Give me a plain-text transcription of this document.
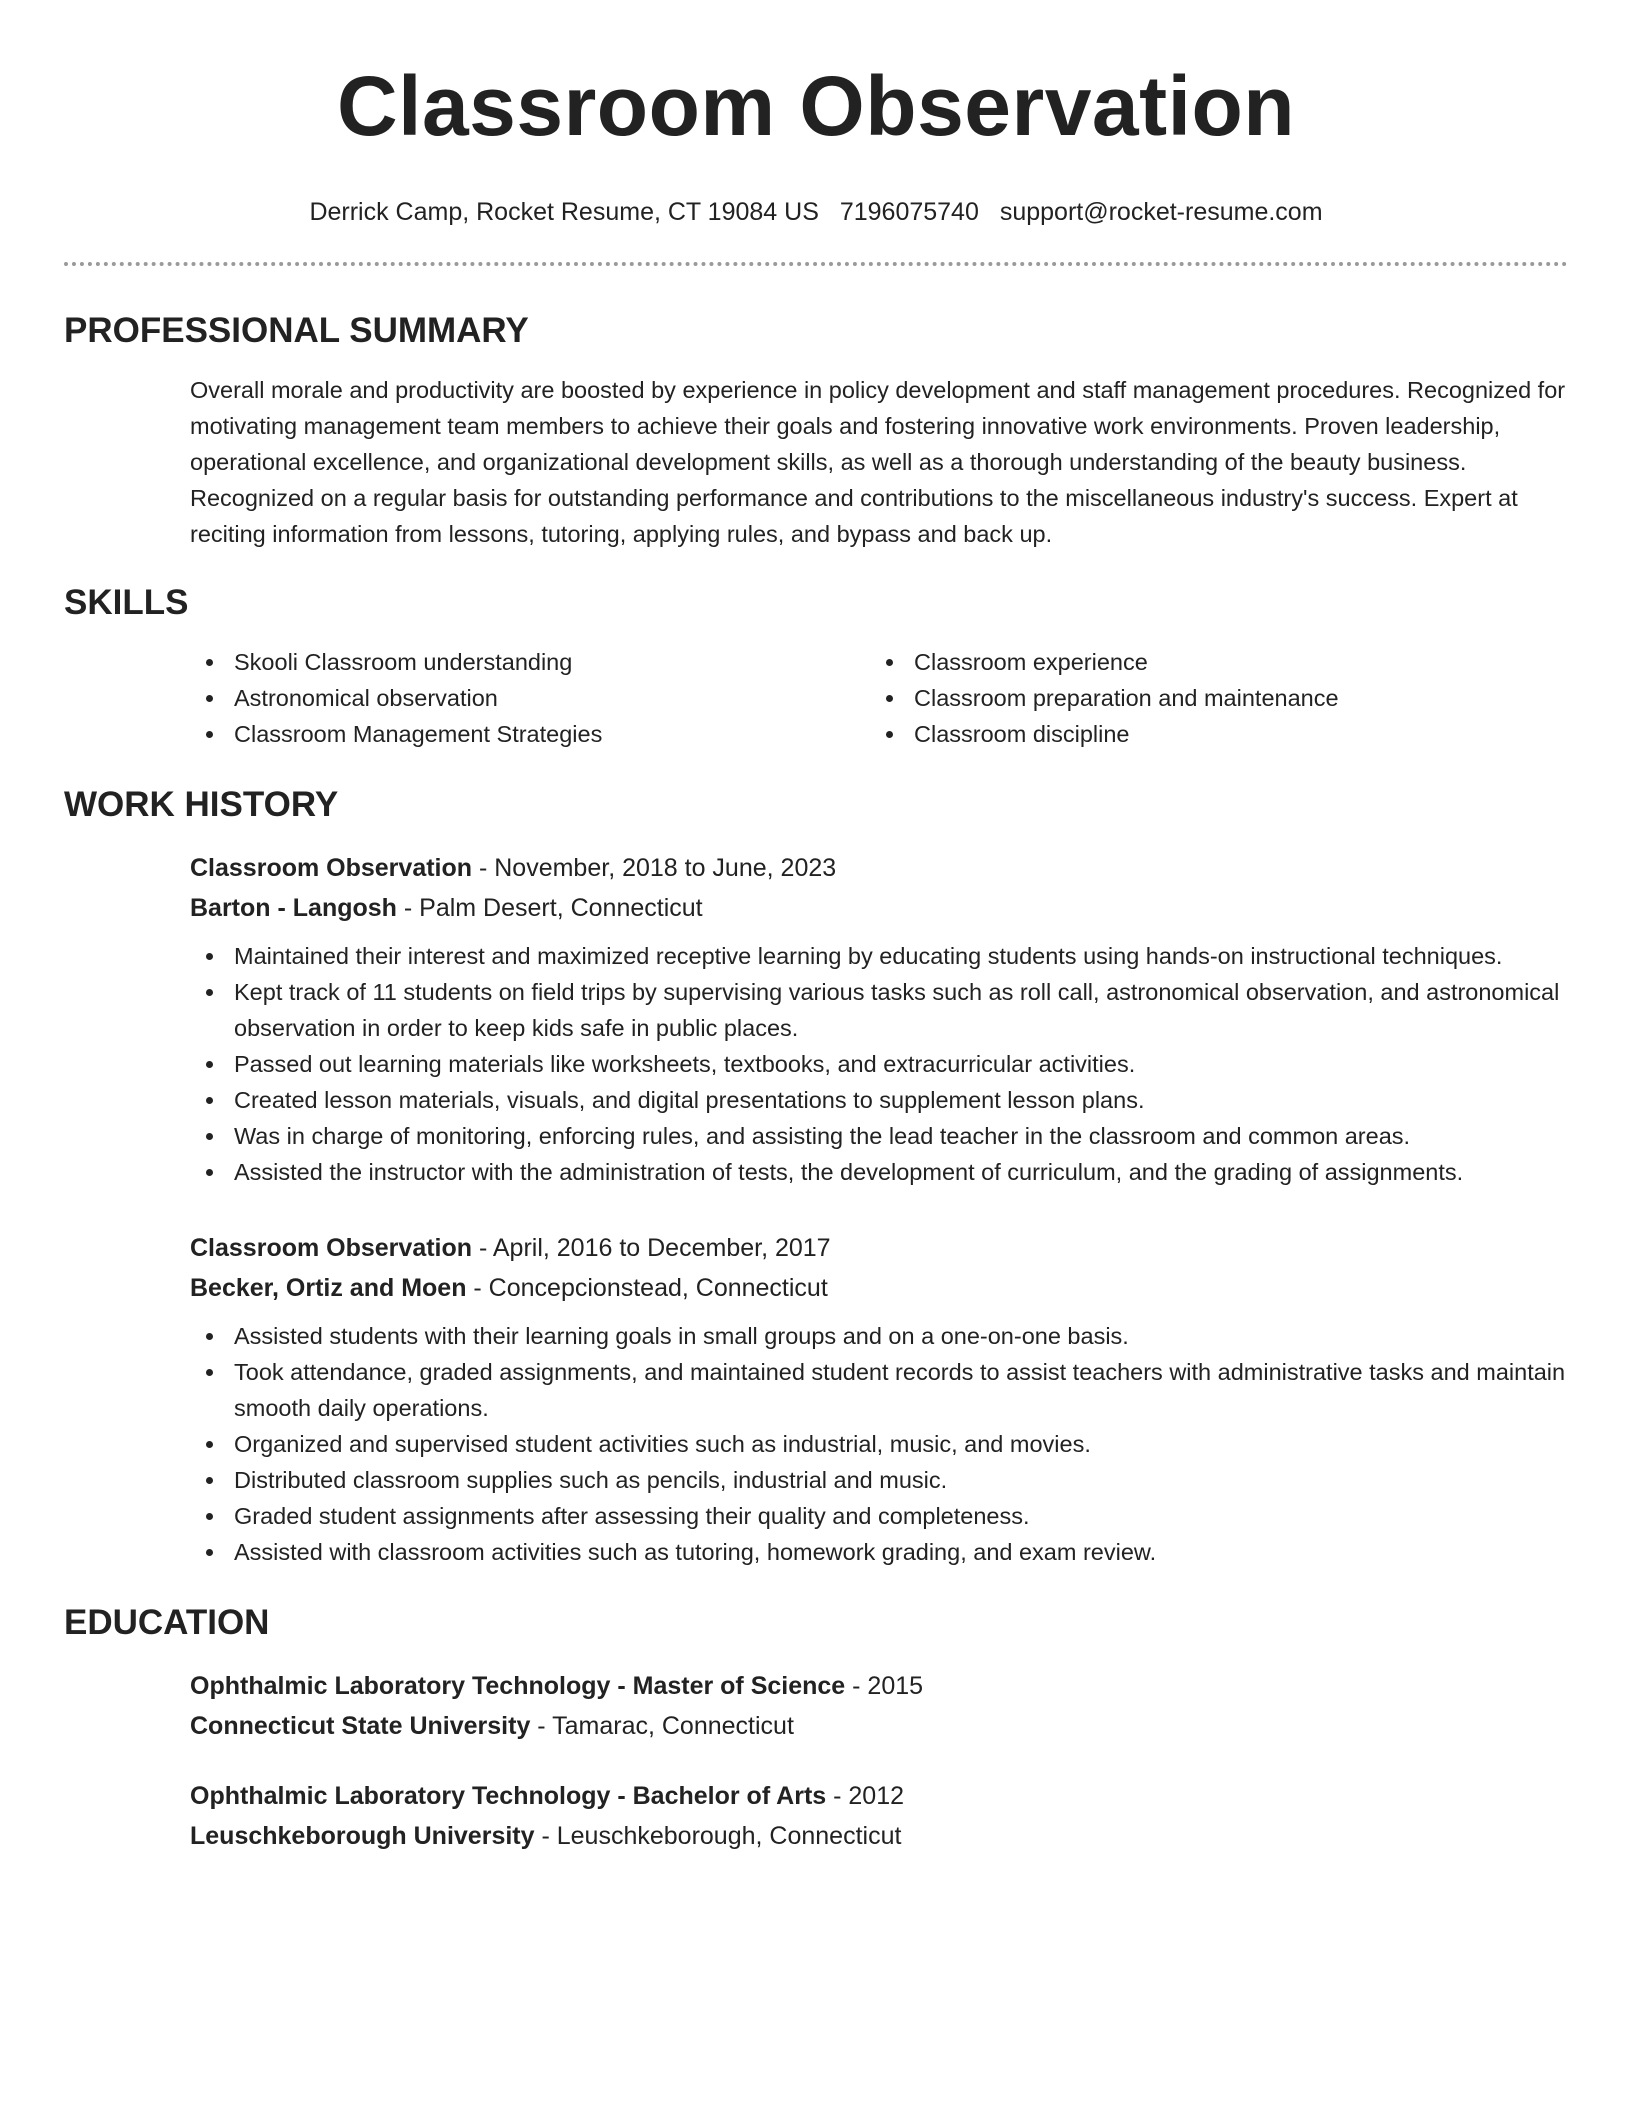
Classroom Observation
Derrick Camp, Rocket Resume, CT 19084 US 7196075740 support@rocket-resume.com
PROFESSIONAL SUMMARY

Overall morale and productivity are boosted by experience in policy development and staff management procedures. Recognized for motivating management team members to achieve their goals and fostering innovative work environments. Proven leadership, operational excellence, and organizational development skills, as well as a thorough understanding of the beauty business. Recognized on a regular basis for outstanding performance and contributions to the miscellaneous industry's success. Expert at reciting information from lessons, tutoring, applying rules, and bypass and back up.

SKILLS
Skooli Classroom understanding
Astronomical observation
Classroom Management Strategies
Classroom experience
Classroom preparation and maintenance
Classroom discipline
WORK HISTORY
Classroom Observation - November, 2018 to June, 2023
Barton - Langosh - Palm Desert, Connecticut
Maintained their interest and maximized receptive learning by educating students using hands-on instructional techniques.
Kept track of 11 students on field trips by supervising various tasks such as roll call, astronomical observation, and astronomical observation in order to keep kids safe in public places.
Passed out learning materials like worksheets, textbooks, and extracurricular activities.
Created lesson materials, visuals, and digital presentations to supplement lesson plans.
Was in charge of monitoring, enforcing rules, and assisting the lead teacher in the classroom and common areas.
Assisted the instructor with the administration of tests, the development of curriculum, and the grading of assignments.
Classroom Observation - April, 2016 to December, 2017
Becker, Ortiz and Moen - Concepcionstead, Connecticut
Assisted students with their learning goals in small groups and on a one-on-one basis.
Took attendance, graded assignments, and maintained student records to assist teachers with administrative tasks and maintain smooth daily operations.
Organized and supervised student activities such as industrial, music, and movies.
Distributed classroom supplies such as pencils, industrial and music.
Graded student assignments after assessing their quality and completeness.
Assisted with classroom activities such as tutoring, homework grading, and exam review.
EDUCATION
Ophthalmic Laboratory Technology - Master of Science - 2015
Connecticut State University - Tamarac, Connecticut
Ophthalmic Laboratory Technology - Bachelor of Arts - 2012
Leuschkeborough University - Leuschkeborough, Connecticut
